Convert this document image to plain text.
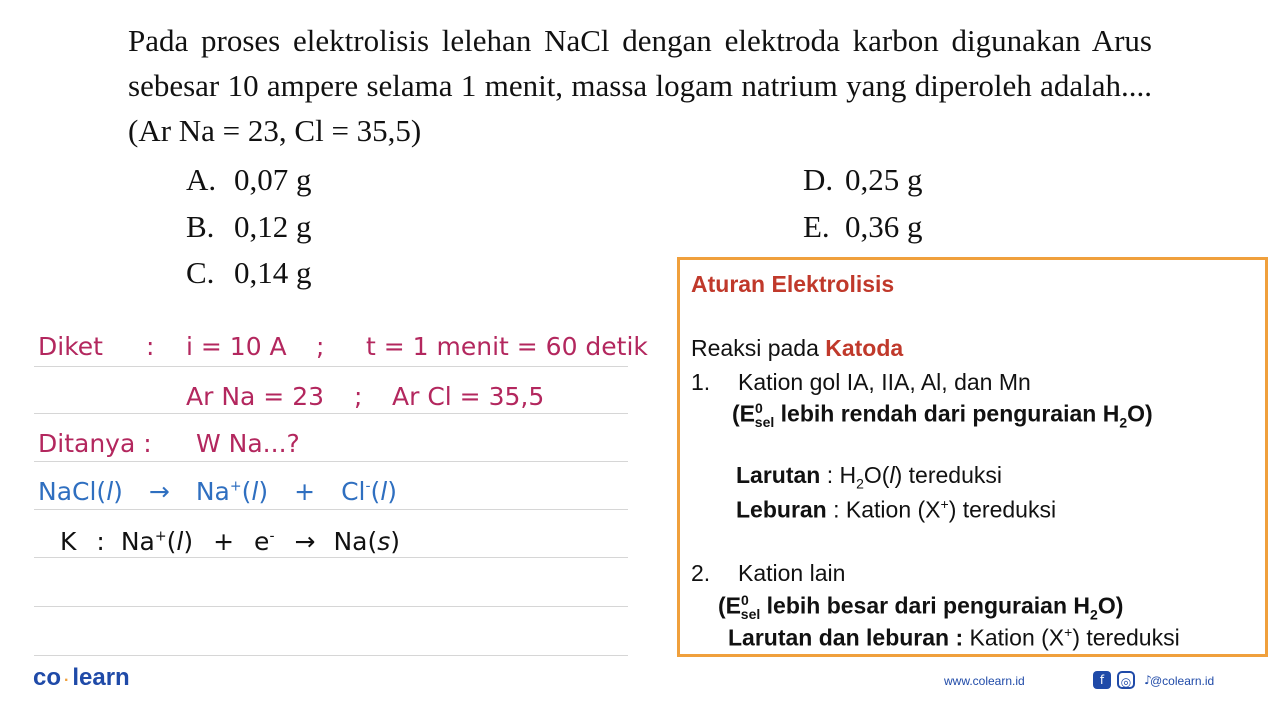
Pada proses elektrolisis lelehan NaCl dengan elektroda karbon digunakan Arus sebesar 10 ampere selama 1 menit, massa logam natrium yang diperoleh adalah.... (Ar Na = 23, Cl = 35,5)
A. 0,07 g
B. 0,12 g
C. 0,14 g
D. 0,25 g
E. 0,36 g
Diket : i = 10 A ; t = 1 menit = 60 detik
Ar Na = 23 ; Ar Cl = 35,5
Ditanya : W Na...?
NaCl(l) → Na+(l) + Cl-(l)
K : Na+(l) + e- → Na(s)
Aturan Elektrolisis
Reaksi pada Katoda
1. Kation gol IA, IIA, Al, dan Mn
($E^0_{sel}$ lebih rendah dari penguraian $H_2O$)
Larutan : $H_2O(l)$ tereduksi
Leburan : Kation (X+) tereduksi
2. Kation lain
($E^0_{sel}$ lebih besar dari penguraian $H_2O$)
Larutan dan leburan : Kation (X+) tereduksi
co · learn	www.colearn.id	f	◎	♪
@colearn.id
